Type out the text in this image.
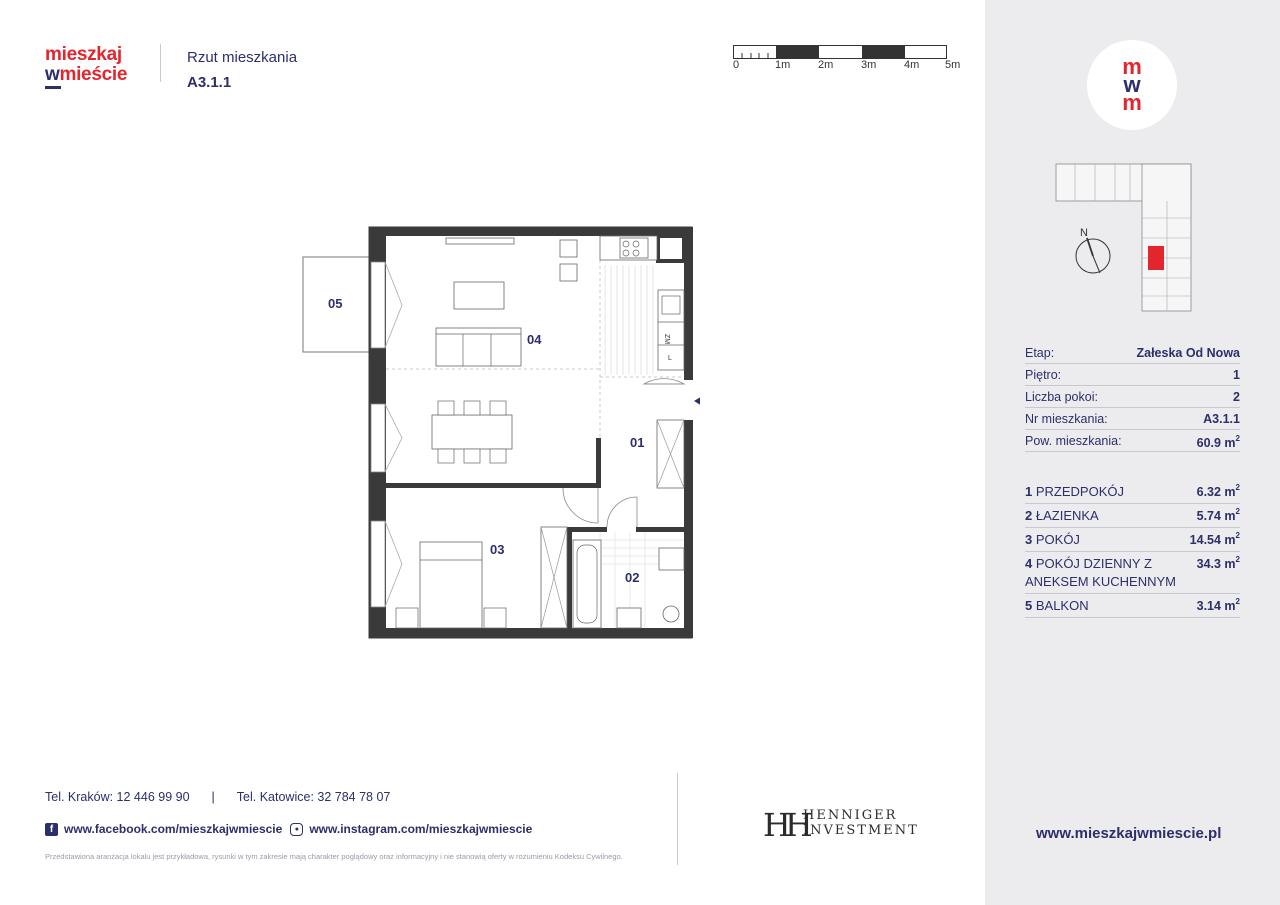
mieszkaj
wmieście
Rzut mieszkania
A3.1.1
0	1m	2m	3m	4m 5m
ZM
L
05
04
01
03
02
m
w
m
N
Etap:	Załeska Od Nowa
Piętro:	1
Liczba pokoi:	2
Nr mieszkania:	A3.1.1
Pow. mieszkania:	60.9 $m^2$
1 PRZEDPOKÓJ	6.32 $m^2$
2 ŁAZIENKA	5.74 $m^2$
3 POKÓJ	14.54 $m^2$
4 POKÓJ DZIENNY Z ANEKSEM KUCHENNYM
34.3 $m^2$
5 BALKON	3.14 $m^2$
www.mieszkajwmiescie.pl
Tel. Kraków: 12 446 99 90 | Tel. Katowice: 32 784 78 07
f www.facebook.com/mieszkajwmiescie	● www.instagram.com/mieszkajwmiescie
Przedstawiona aranżacja lokalu jest przykładowa, rysunki w tym zakresie mają charakter poglądowy oraz informacyjny i nie stanowią oferty w rozumieniu Kodeksu Cywilnego.
HH
HENNIGER
INVESTMENT
